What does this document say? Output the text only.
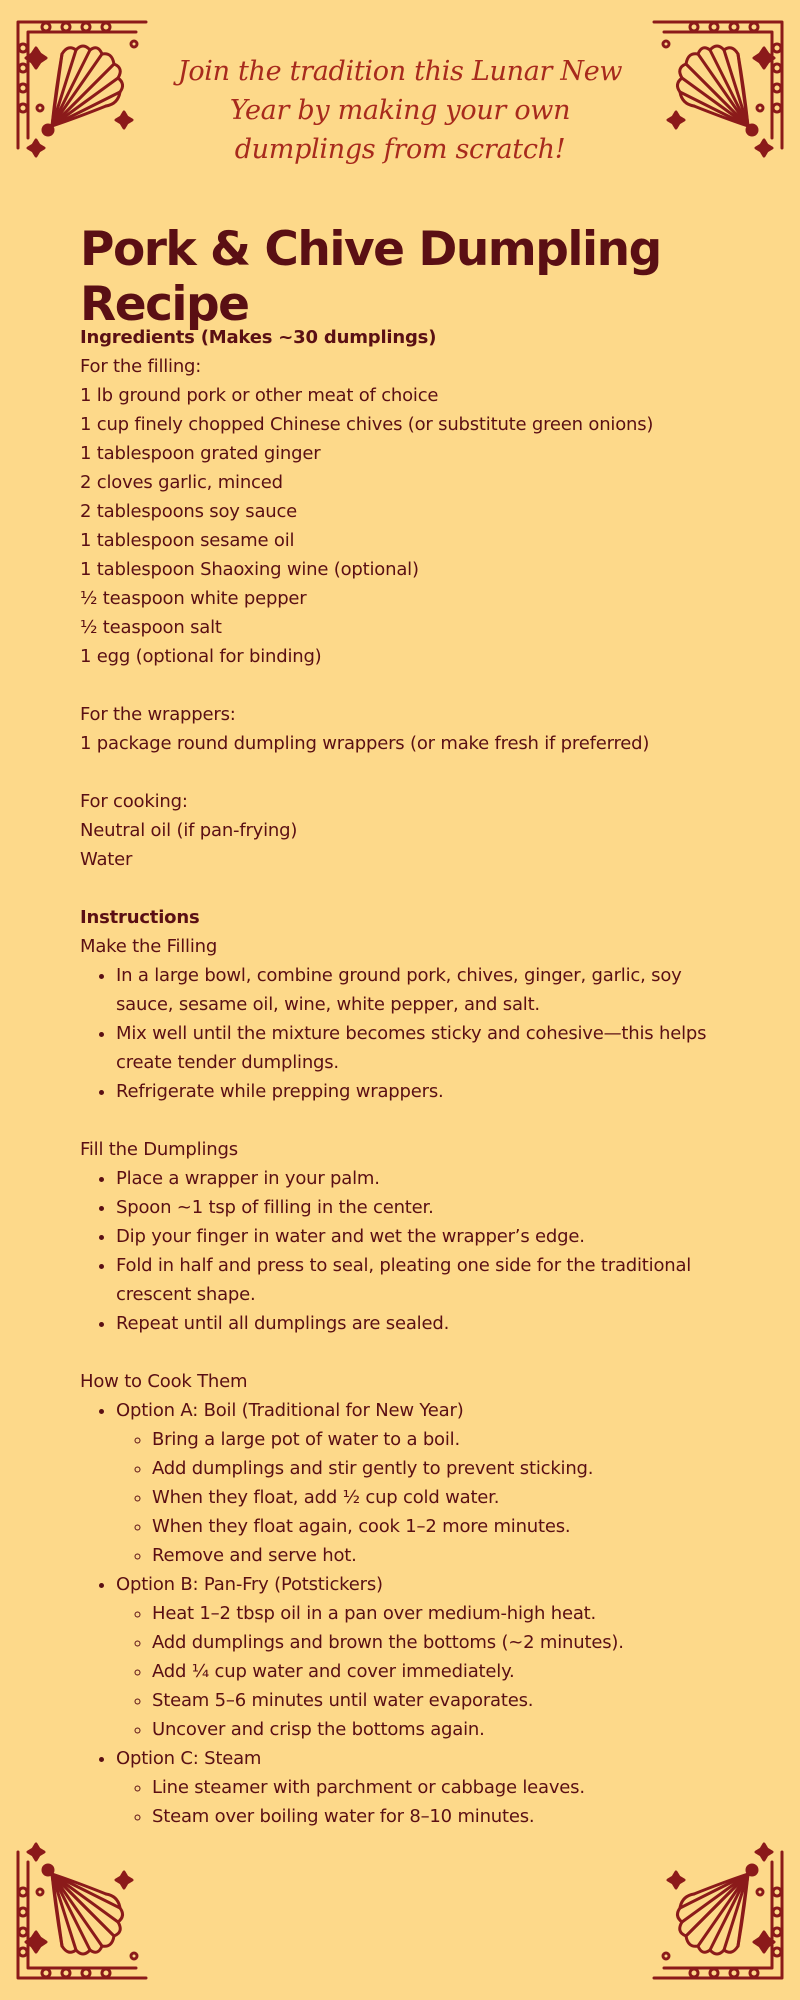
Join the tradition this Lunar New Year by making your own dumplings from scratch!
Pork & Chive Dumpling Recipe
Ingredients (Makes ~30 dumplings)
For the filling:
1 lb ground pork or other meat of choice
1 cup finely chopped Chinese chives (or substitute green onions)
1 tablespoon grated ginger
2 cloves garlic, minced
2 tablespoons soy sauce
1 tablespoon sesame oil
1 tablespoon Shaoxing wine (optional)
½ teaspoon white pepper
½ teaspoon salt
1 egg (optional for binding)
For the wrappers:
1 package round dumpling wrappers (or make fresh if preferred)
For cooking:
Neutral oil (if pan-frying)
Water
Instructions
Make the Filling
• In a large bowl, combine ground pork, chives, ginger, garlic, soy sauce, sesame oil, wine, white pepper, and salt.
• Mix well until the mixture becomes sticky and cohesive—this helps create tender dumplings.
• Refrigerate while prepping wrappers.
Fill the Dumplings
• Place a wrapper in your palm.
• Spoon ~1 tsp of filling in the center.
• Dip your finger in water and wet the wrapper’s edge.
• Fold in half and press to seal, pleating one side for the traditional crescent shape.
• Repeat until all dumplings are sealed.
How to Cook Them
• Option A: Boil (Traditional for New Year)
◦ Bring a large pot of water to a boil.
◦ Add dumplings and stir gently to prevent sticking.
◦ When they float, add ½ cup cold water.
◦ When they float again, cook 1–2 more minutes.
◦ Remove and serve hot.
• Option B: Pan-Fry (Potstickers)
◦ Heat 1–2 tbsp oil in a pan over medium-high heat.
◦ Add dumplings and brown the bottoms (~2 minutes).
◦ Add ¼ cup water and cover immediately.
◦ Steam 5–6 minutes until water evaporates.
◦ Uncover and crisp the bottoms again.
• Option C: Steam
◦ Line steamer with parchment or cabbage leaves.
◦ Steam over boiling water for 8–10 minutes.
